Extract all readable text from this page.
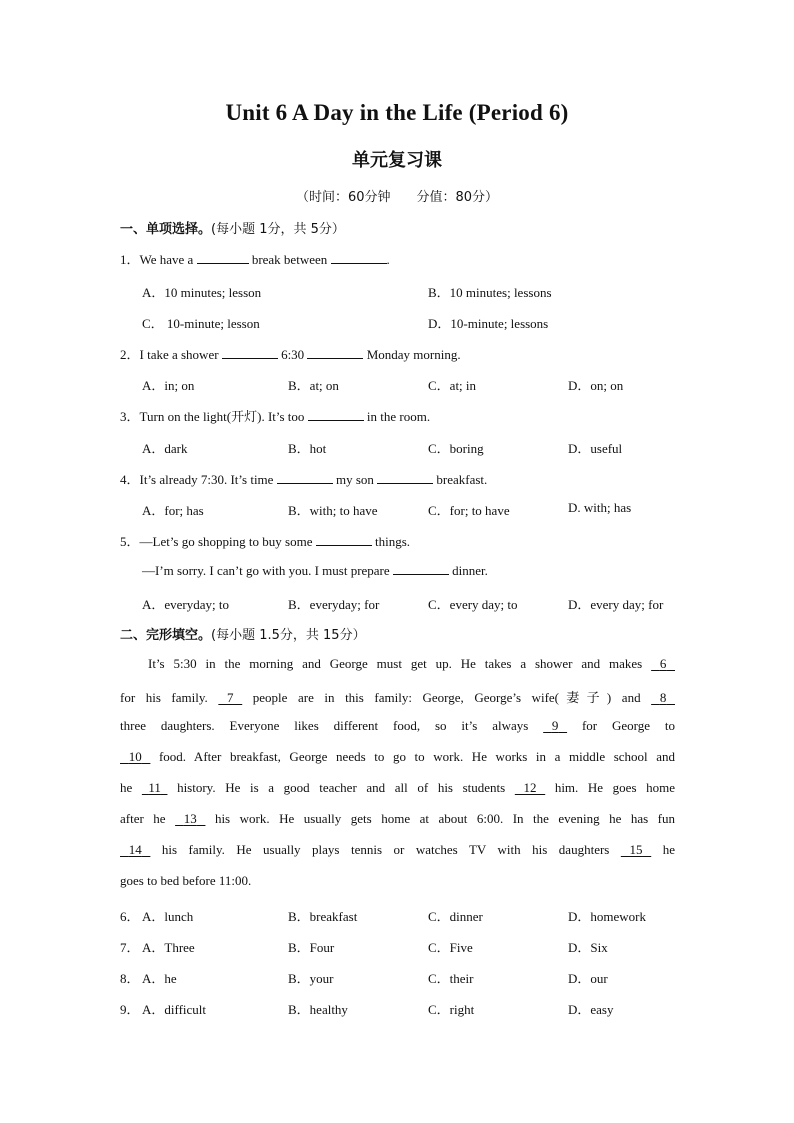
Unit 6 A Day in the Life (Period 6)
单元复习课
（时间：60分钟 分值：80分）
一、单项选择。(每小题 1分，共 5分）
1．We have a	break between	.
A．10 minutes; lesson	B．10 minutes; lessons
C． 10-minute; lesson	D．10-minute; lessons
2．I take a shower	6:30	Monday morning.
A．in; on	B．at; on	C．at; in	D．on; on
3．Turn on the light(开灯). It’s too	in the room.
A．dark	B．hot	C．boring	D．useful
4．It’s already 7:30. It’s time	my son	breakfast.
A．for; has	B．with; to have	C．for; to have	D. with; has
5．—Let’s go shopping to buy some	things.
—I’m sorry. I can’t go with you. I must prepare	dinner.
A．everyday; to	B．everyday; for	C．every day; to	D．every day; for
二、完形填空。(每小题 1.5分，共 15分）
It’s 5:30 in the morning and George must get up. He takes a shower and makes         6        
for his family.         7         people are in this family: George, George’s wife(妻子) and         8        
three daughters. Everyone likes different food, so it’s always         9         for George to
        10         food. After breakfast, George needs to go to work. He works in a middle school and
he       11       history. He is a good teacher and all of his students         12         him. He goes home
after he         13         his work. He usually gets home at about 6:00. In the evening he has fun
        14         his family. He usually plays tennis or watches TV with his daughters         15         he
goes to bed before 11:00.
6． A．lunch	B．breakfast	C．dinner	D．homework
7． A．Three	B．Four	C．Five	D．Six
8． A．he	B．your	C．their	D．our
9． A．difficult	B．healthy	C．right	D．easy
